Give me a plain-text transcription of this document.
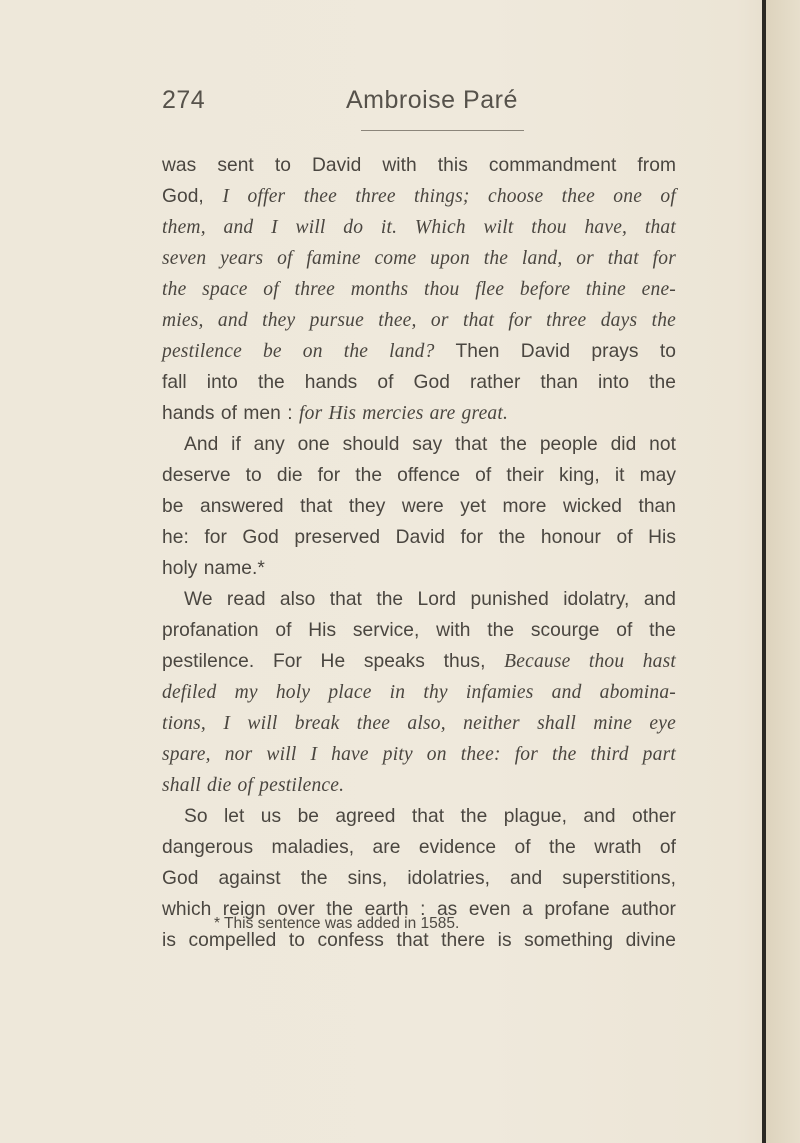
274	Ambroise Paré
was sent to David with this commandment from
God, I offer thee three things; choose thee one of
them, and I will do it. Which wilt thou have, that
seven years of famine come upon the land, or that for
the space of three months thou flee before thine ene-
mies, and they pursue thee, or that for three days the
pestilence be on the land? Then David prays to
fall into the hands of God rather than into the
hands of men : for His mercies are great.
And if any one should say that the people did not
deserve to die for the offence of their king, it may
be answered that they were yet more wicked than
he: for God preserved David for the honour of His
holy name.*
We read also that the Lord punished idolatry, and
profanation of His service, with the scourge of the
pestilence. For He speaks thus, Because thou hast
defiled my holy place in thy infamies and abomina-
tions, I will break thee also, neither shall mine eye
spare, nor will I have pity on thee: for the third part
shall die of pestilence.
So let us be agreed that the plague, and other
dangerous maladies, are evidence of the wrath of
God against the sins, idolatries, and superstitions,
which reign over the earth : as even a profane author
is compelled to confess that there is something divine
* This sentence was added in 1585.
